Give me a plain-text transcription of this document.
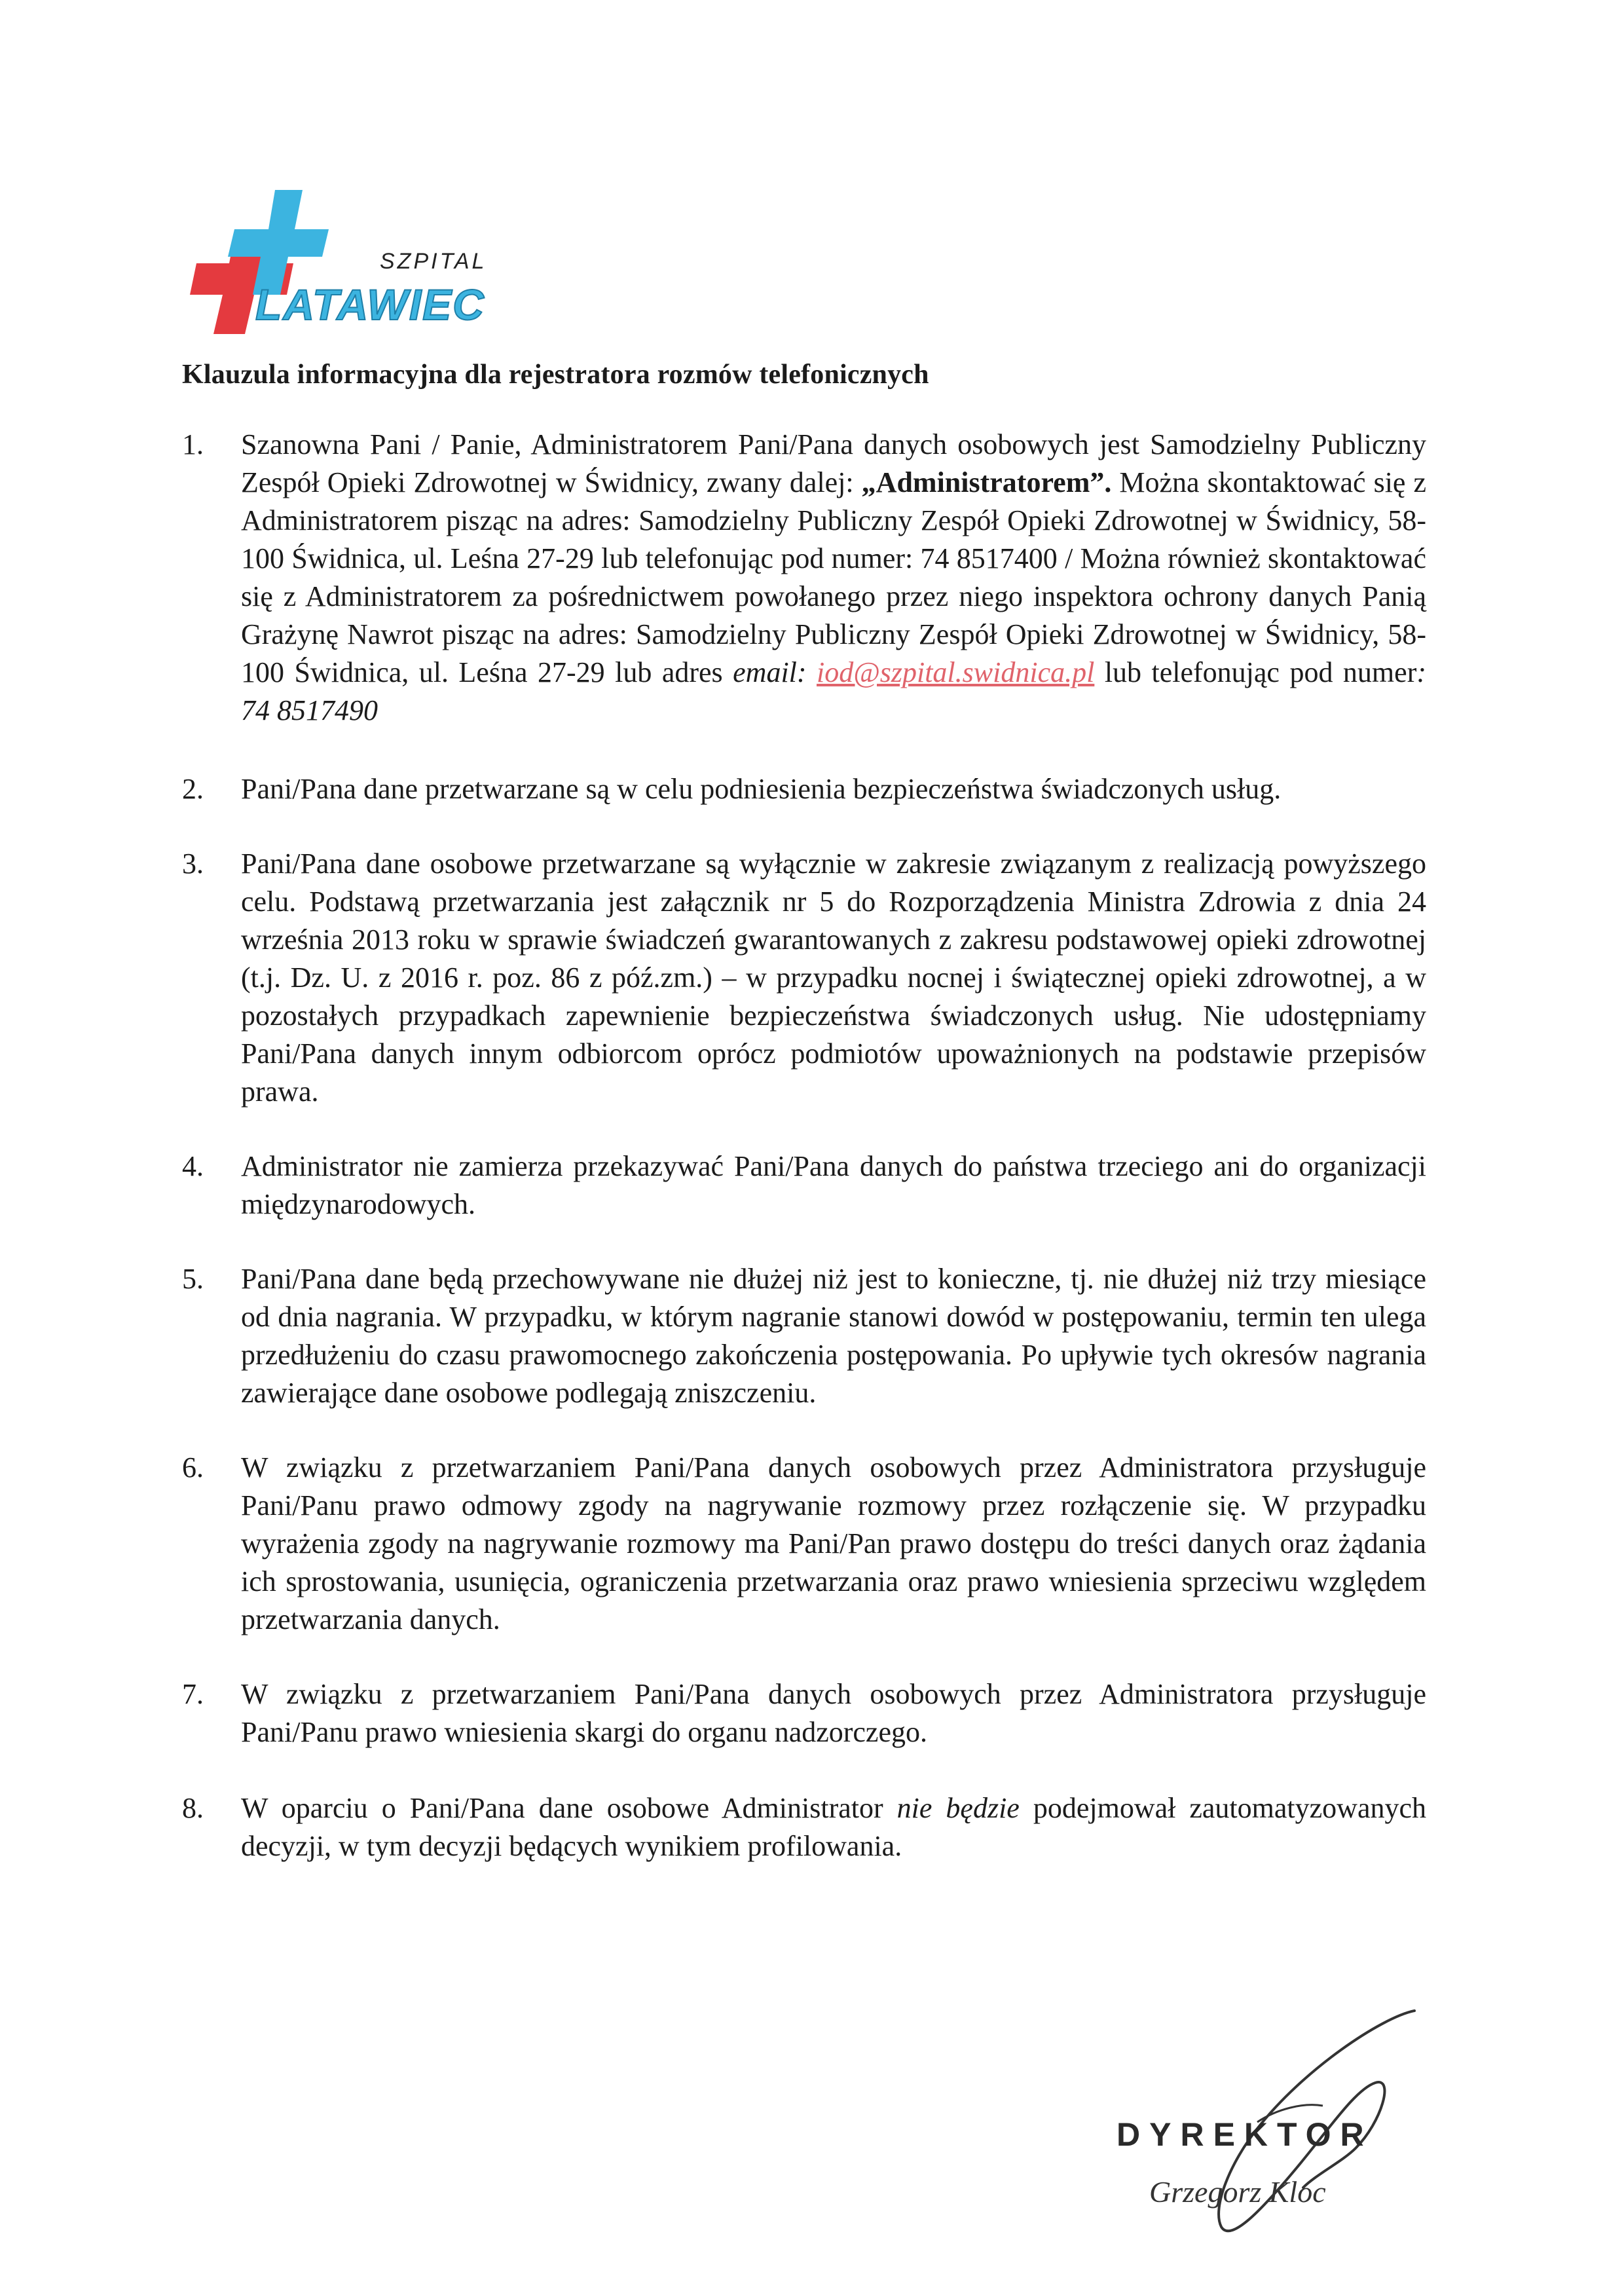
SZPITAL
LATAWIEC
Klauzula informacyjna dla rejestratora rozmów telefonicznych
1.	Szanowna Pani / Panie, Administratorem Pani/Pana danych osobowych jest Samodzielny Publiczny Zespół Opieki Zdrowotnej w Świdnicy, zwany dalej: „Administratorem”. Można skontaktować się z Administratorem pisząc na adres: Samodzielny Publiczny Zespół Opieki Zdrowotnej w Świdnicy, 58-100 Świdnica, ul. Leśna 27-29 lub telefonując pod numer: 74 8517400 / Można również skontaktować się z Administratorem za pośrednictwem powołanego przez niego inspektora ochrony danych Panią Grażynę Nawrot pisząc na adres: Samodzielny Publiczny Zespół Opieki Zdrowotnej w Świdnicy, 58-100 Świdnica, ul. Leśna 27-29 lub adres email: iod@szpital.swidnica.pl lub telefonując pod numer: 74 8517490
2.	Pani/Pana dane przetwarzane są w celu podniesienia bezpieczeństwa świadczonych usług.
3.	Pani/Pana dane osobowe przetwarzane są wyłącznie w zakresie związanym z realizacją powyższego celu. Podstawą przetwarzania jest załącznik nr 5 do Rozporządzenia Ministra Zdrowia z dnia 24 września 2013 roku w sprawie świadczeń gwarantowanych z zakresu podstawowej opieki zdrowotnej (t.j. Dz. U. z 2016 r. poz. 86 z póź.zm.) – w przypadku nocnej i świątecznej opieki zdrowotnej, a w pozostałych przypadkach zapewnienie bezpieczeństwa świadczonych usług. Nie udostępniamy Pani/Pana danych innym odbiorcom oprócz podmiotów upoważnionych na podstawie przepisów prawa.
4.	Administrator nie zamierza przekazywać Pani/Pana danych do państwa trzeciego ani do organizacji międzynarodowych.
5.	Pani/Pana dane będą przechowywane nie dłużej niż jest to konieczne, tj. nie dłużej niż trzy miesiące od dnia nagrania. W przypadku, w którym nagranie stanowi dowód w postępowaniu, termin ten ulega przedłużeniu do czasu prawomocnego zakończenia postępowania. Po upływie tych okresów nagrania zawierające dane osobowe podlegają zniszczeniu.
6.	W związku z przetwarzaniem Pani/Pana danych osobowych przez Administratora przysługuje Pani/Panu prawo odmowy zgody na nagrywanie rozmowy przez rozłączenie się. W przypadku wyrażenia zgody na nagrywanie rozmowy ma Pani/Pan prawo dostępu do treści danych oraz żądania ich sprostowania, usunięcia, ograniczenia przetwarzania oraz prawo wniesienia sprzeciwu względem przetwarzania danych.
7.	W związku z przetwarzaniem Pani/Pana danych osobowych przez Administratora przysługuje Pani/Panu prawo wniesienia skargi do organu nadzorczego.
8.	W oparciu o Pani/Pana dane osobowe Administrator nie będzie podejmował zautomatyzowanych decyzji, w tym decyzji będących wynikiem profilowania.
DYREKTOR
Grzegorz Kloc
